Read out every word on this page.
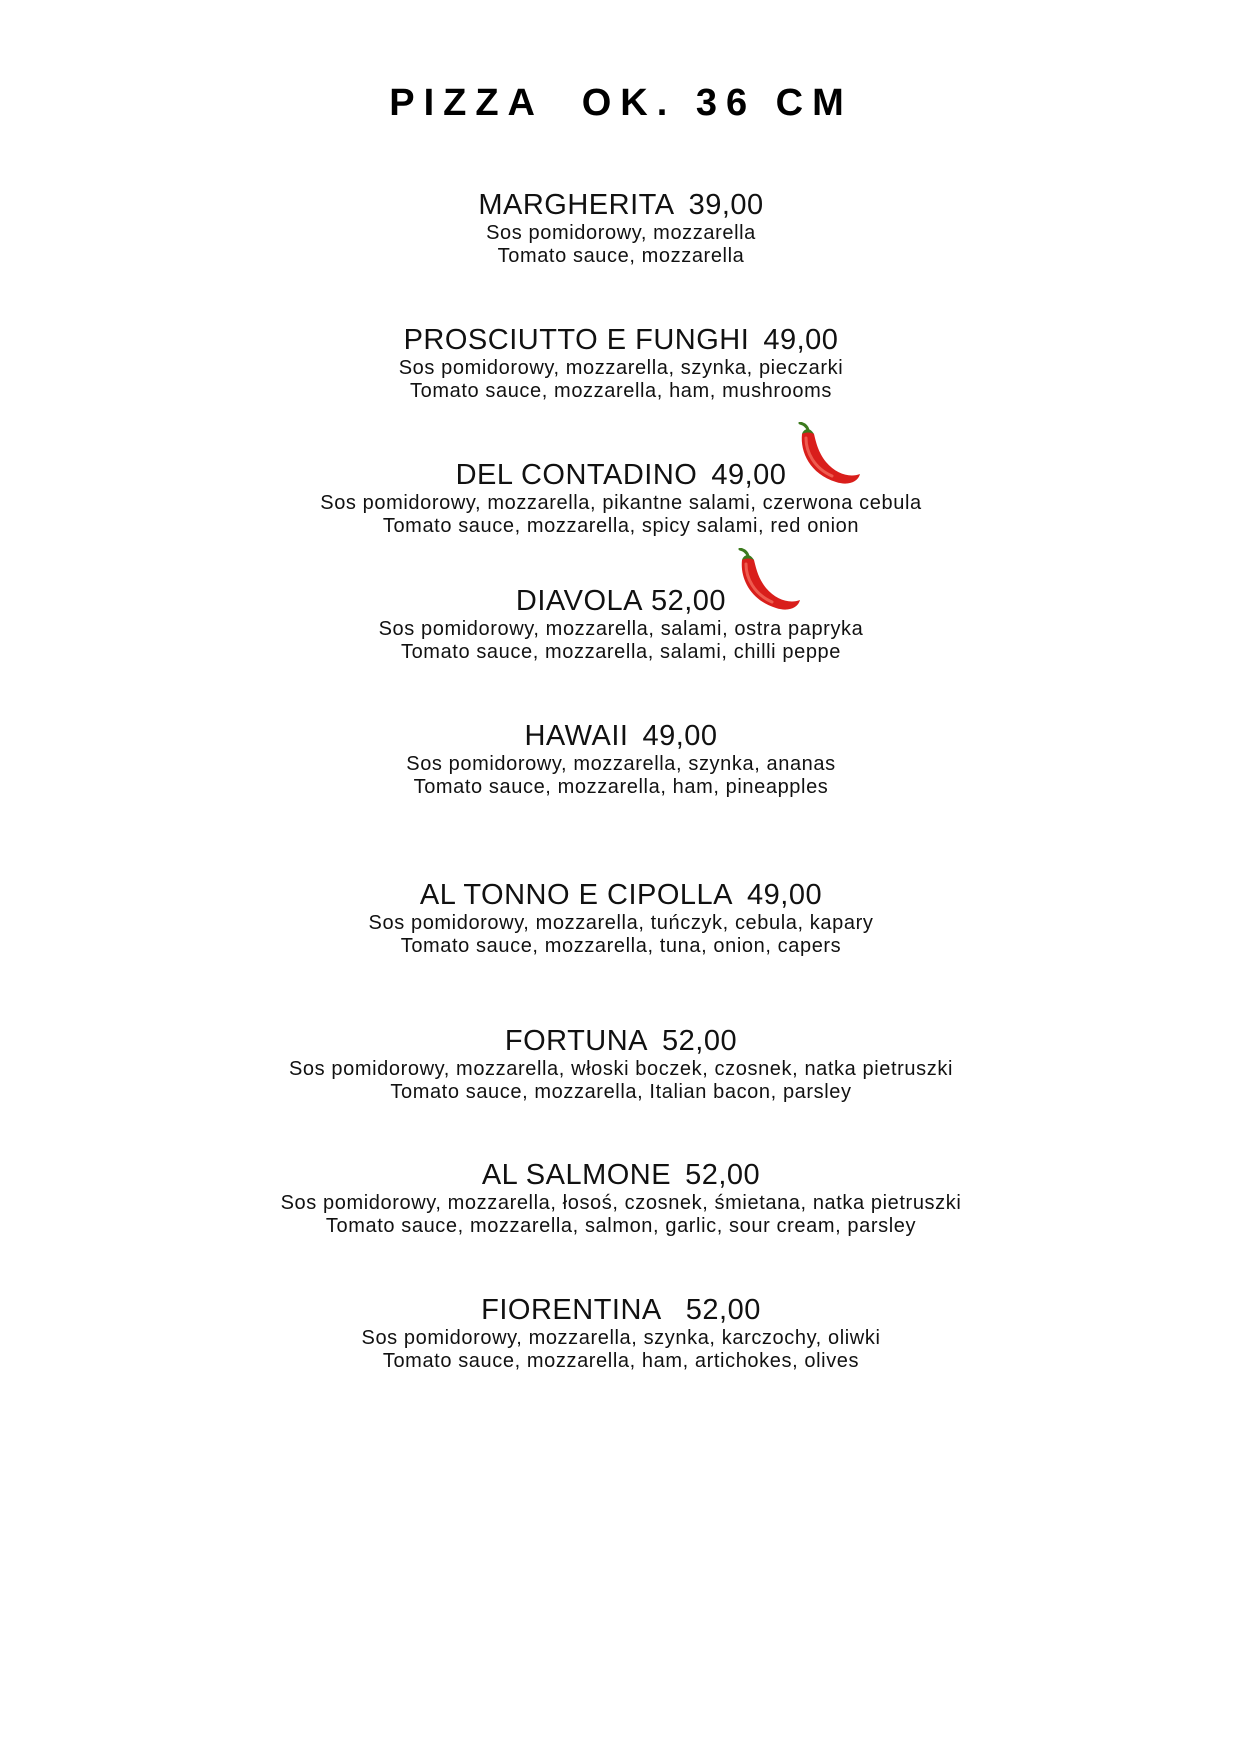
PIZZA  OK. 36 CM
MARGHERITA 39,00
Sos pomidorowy, mozzarella
Tomato sauce, mozzarella
PROSCIUTTO E FUNGHI 49,00
Sos pomidorowy, mozzarella, szynka, pieczarki
Tomato sauce, mozzarella, ham, mushrooms
DEL CONTADINO 49,00
Sos pomidorowy, mozzarella, pikantne salami, czerwona cebula
Tomato sauce, mozzarella, spicy salami, red onion
DIAVOLA 52,00
Sos pomidorowy, mozzarella, salami, ostra papryka
Tomato sauce, mozzarella, salami, chilli peppe
HAWAII 49,00
Sos pomidorowy, mozzarella, szynka, ananas
Tomato sauce, mozzarella, ham, pineapples
AL TONNO E CIPOLLA 49,00
Sos pomidorowy, mozzarella, tuńczyk, cebula, kapary
Tomato sauce, mozzarella, tuna, onion, capers
FORTUNA 52,00
Sos pomidorowy, mozzarella, włoski boczek, czosnek, natka pietruszki
Tomato sauce, mozzarella, Italian bacon, parsley
AL SALMONE 52,00
Sos pomidorowy, mozzarella, łosoś, czosnek, śmietana, natka pietruszki
Tomato sauce, mozzarella, salmon, garlic, sour cream, parsley
FIORENTINA 52,00
Sos pomidorowy, mozzarella, szynka, karczochy, oliwki
Tomato sauce, mozzarella, ham, artichokes, olives
